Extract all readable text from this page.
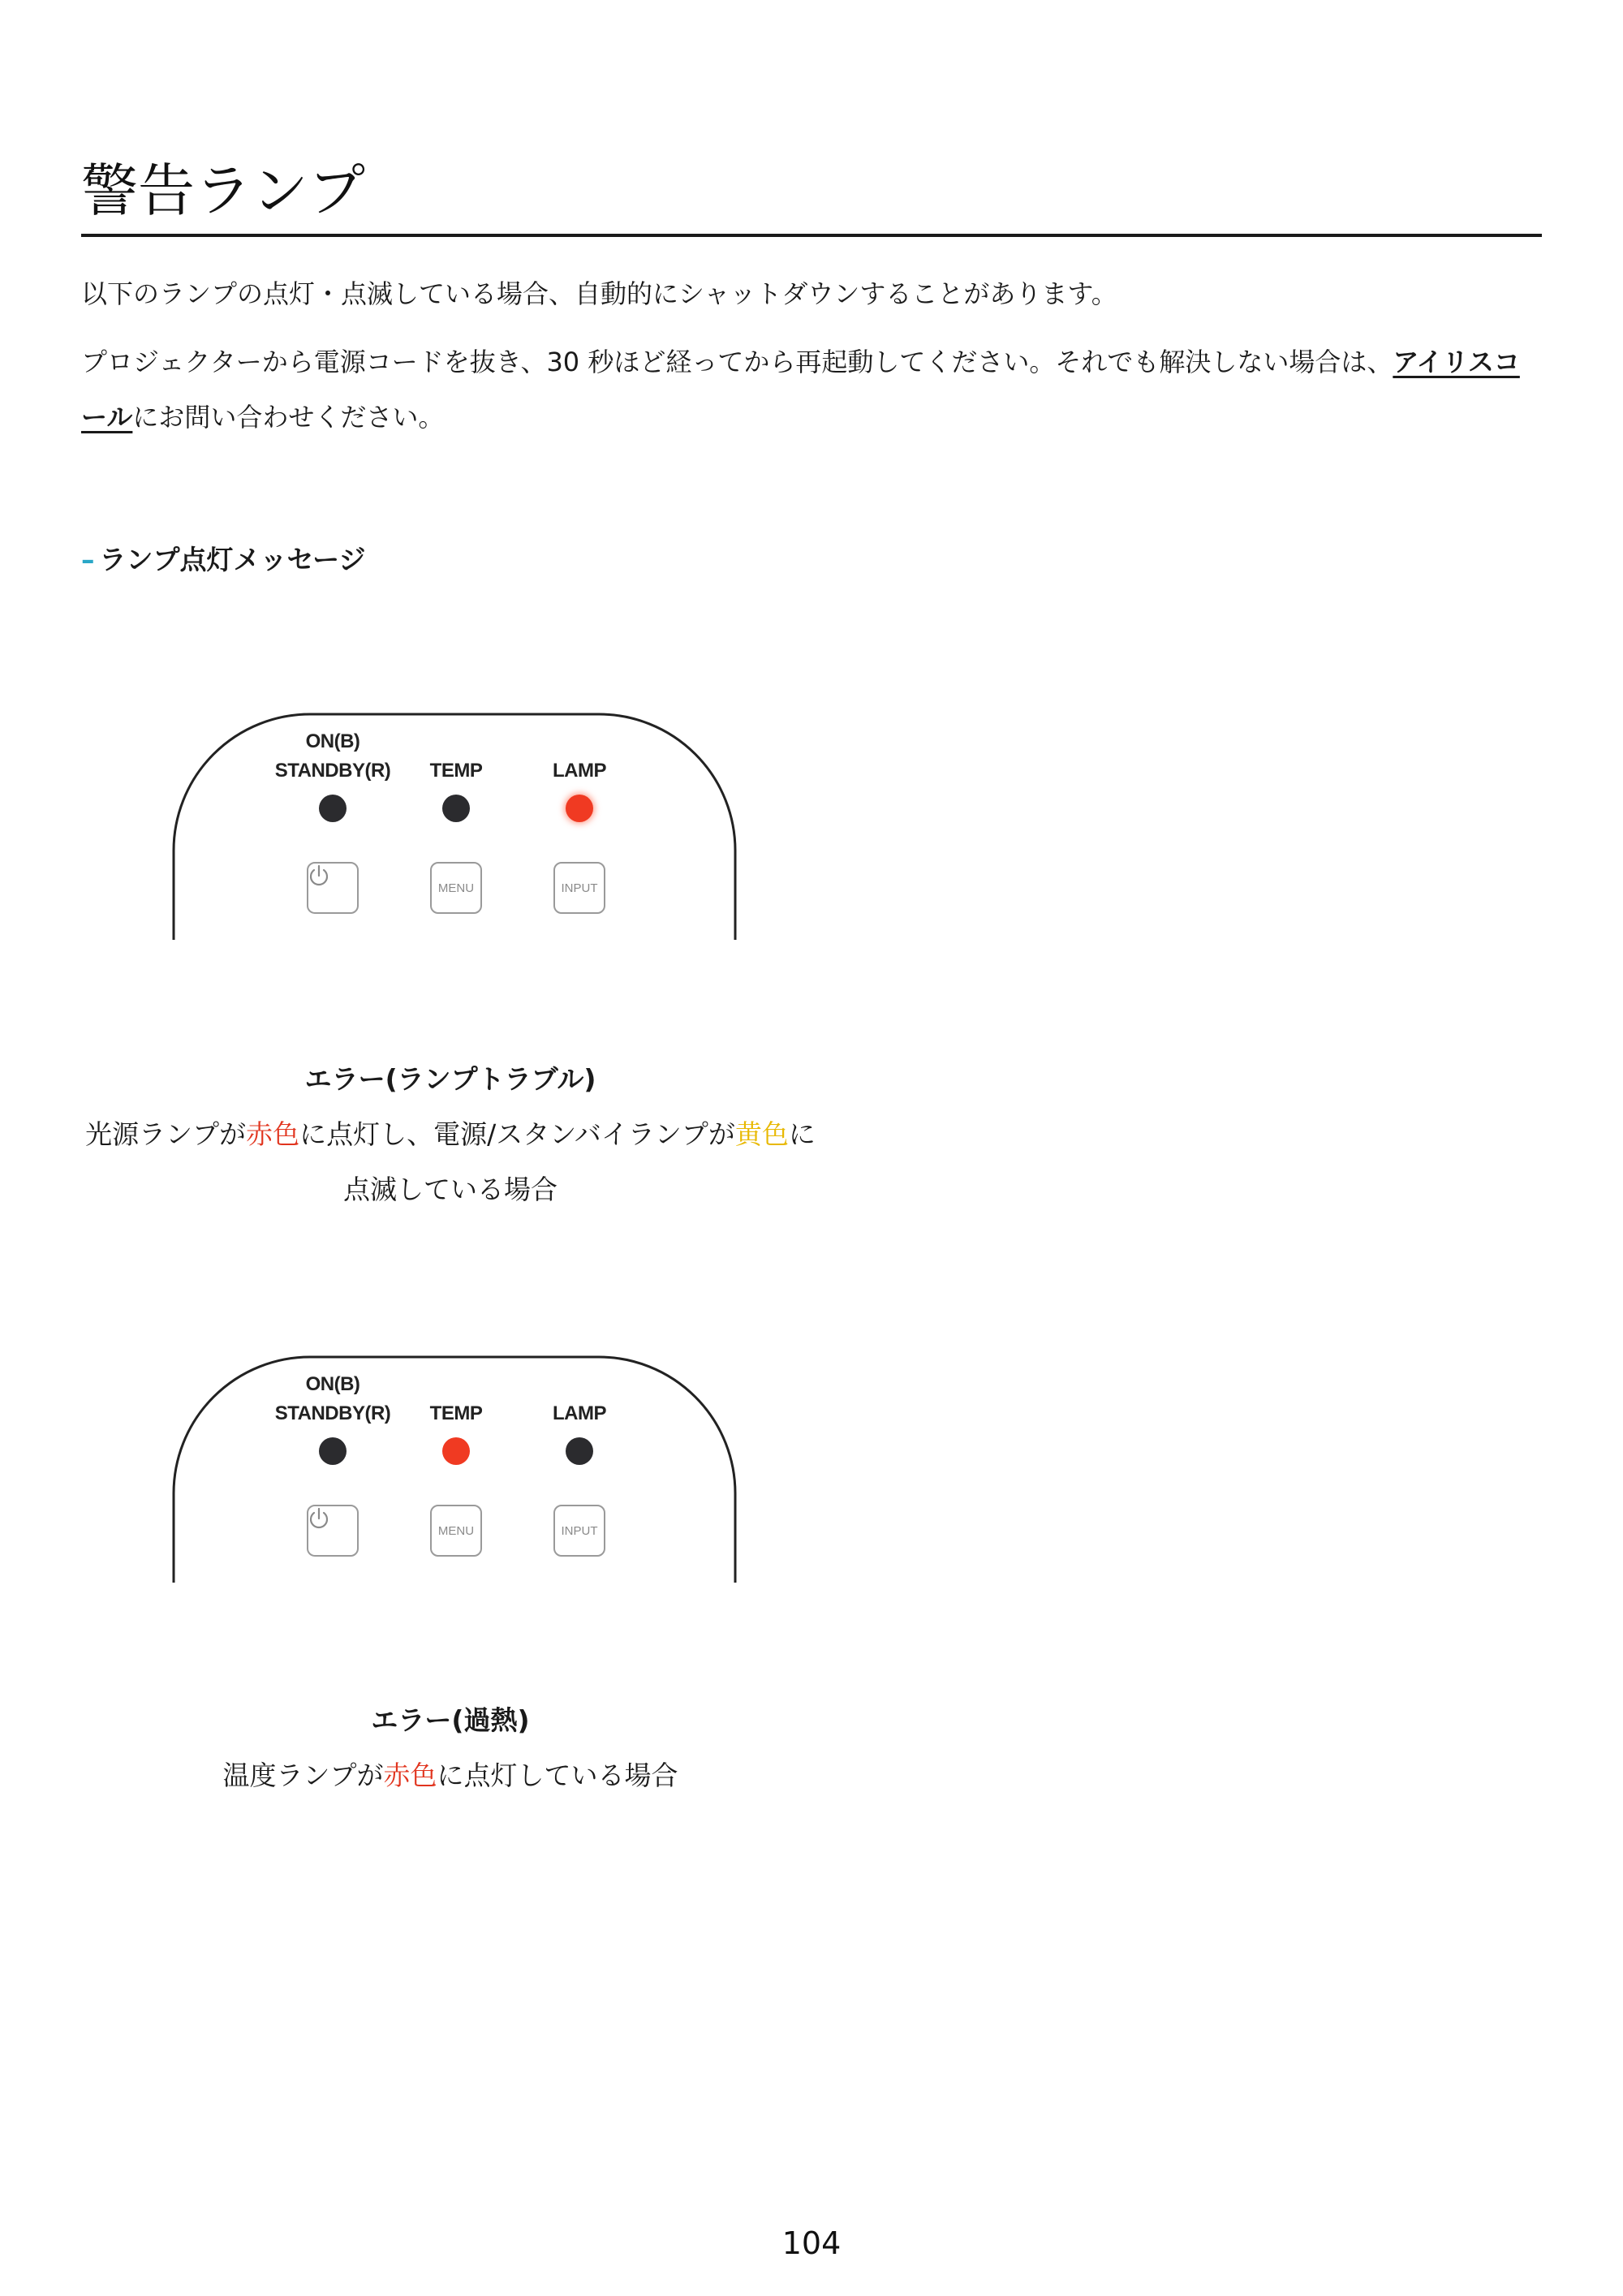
警告ランプ

以下のランプの点灯・点滅している場合、自動的にシャットダウンすることがあります。

プロジェクターから電源コードを抜き、30 秒ほど経ってから再起動してください。それでも解決しない場合は、アイリスコールにお問い合わせください。

– ランプ点灯メッセージ
ON(B)
STANDBY(R) TEMP	LAMP
MENU	INPUT

エラー(ランプトラブル)

光源ランプが赤色に点灯し、電源/スタンバイランプが黄色に

点滅している場合

ON(B)
STANDBY(R) TEMP	LAMP
MENU	INPUT

エラー(過熱)

温度ランプが赤色に点灯している場合

104
